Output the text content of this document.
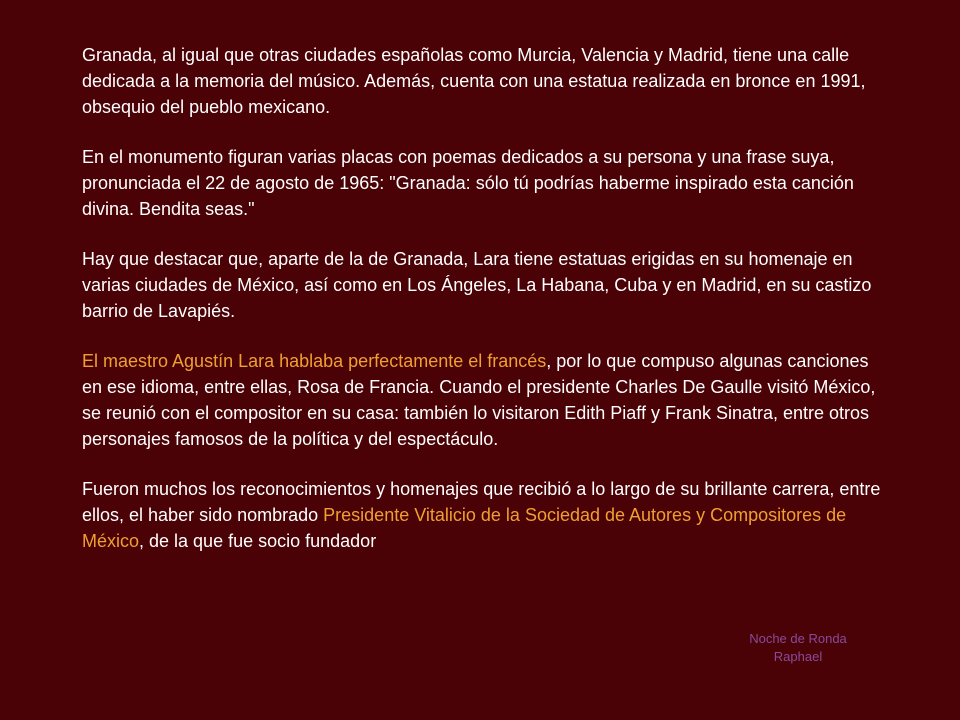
Granada, al igual que otras ciudades españolas como Murcia, Valencia y Madrid, tiene una calle dedicada a la memoria del músico. Además, cuenta con una estatua realizada en bronce en 1991, obsequio del pueblo mexicano.

En el monumento figuran varias placas con poemas dedicados a su persona y una frase suya, pronunciada el 22 de agosto de 1965: "Granada: sólo tú podrías haberme inspirado esta canción divina. Bendita seas."

Hay que destacar que, aparte de la de Granada, Lara tiene estatuas erigidas en su homenaje en varias ciudades de México, así como en Los Ángeles, La Habana, Cuba y en Madrid, en su castizo barrio de Lavapiés.

El maestro Agustín Lara hablaba perfectamente el francés, por lo que compuso algunas canciones en ese idioma, entre ellas, Rosa de Francia. Cuando el presidente Charles De Gaulle visitó México, se reunió con el compositor en su casa: también lo visitaron Edith Piaff y Frank Sinatra, entre otros personajes famosos de la política y del espectáculo.

Fueron muchos los reconocimientos y homenajes que recibió a lo largo de su brillante carrera, entre ellos, el haber sido nombrado Presidente Vitalicio de la Sociedad de Autores y Compositores de México, de la que fue socio fundador

Noche de Ronda
Raphael
